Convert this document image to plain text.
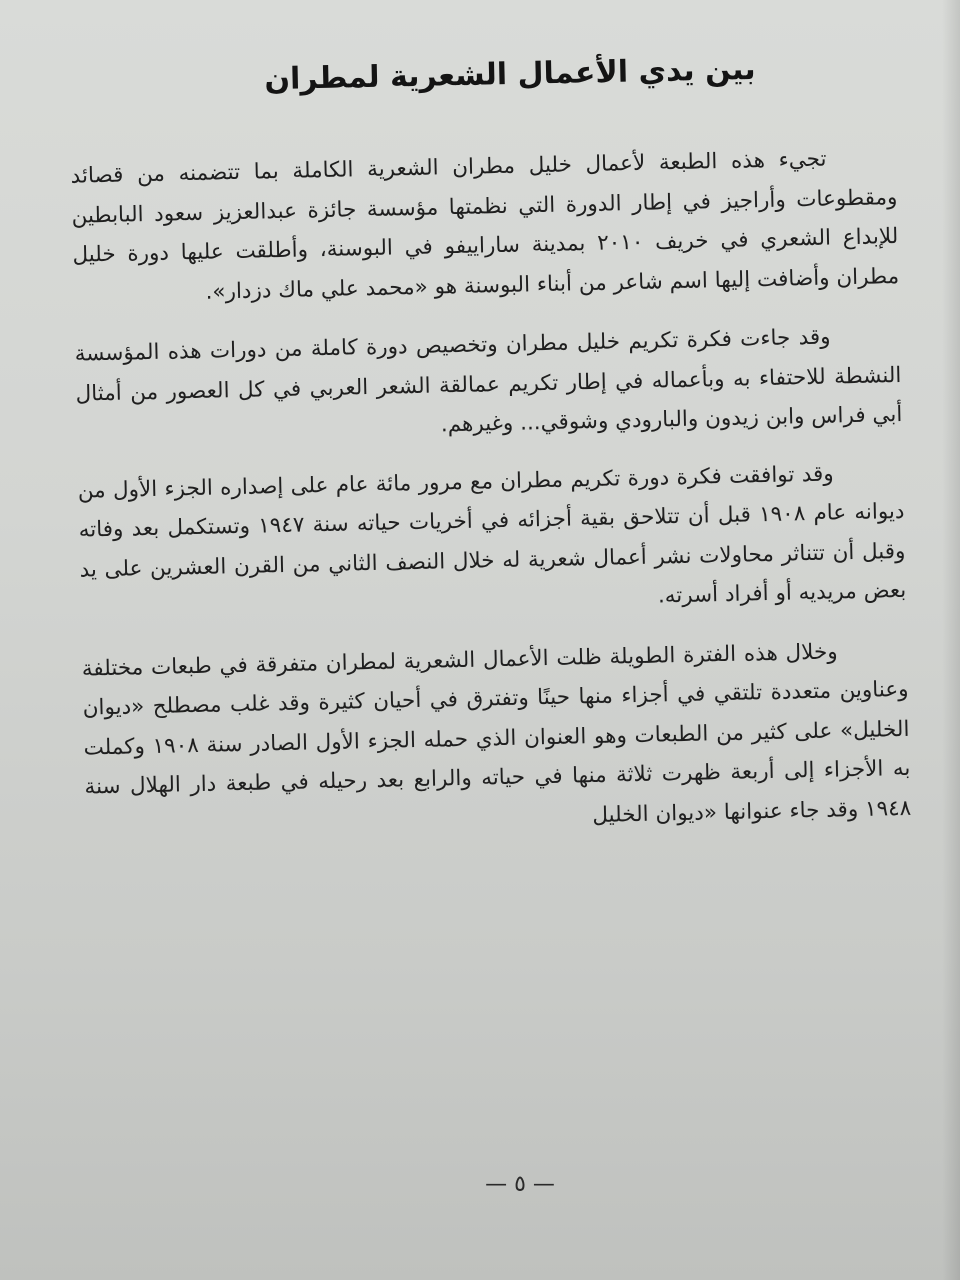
بين يدي الأعمال الشعرية لمطران

تجيء هذه الطبعة لأعمال خليل مطران الشعرية الكاملة بما تتضمنه من قصائد ومقطوعات وأراجيز في إطار الدورة التي نظمتها مؤسسة جائزة عبدالعزيز سعود البابطين للإبداع الشعري في خريف ٢٠١٠ بمدينة ساراييفو في البوسنة، وأطلقت عليها دورة خليل مطران وأضافت إليها اسم شاعر من أبناء البوسنة هو «محمد علي ماك دزدار».

وقد جاءت فكرة تكريم خليل مطران وتخصيص دورة كاملة من دورات هذه المؤسسة النشطة للاحتفاء به وبأعماله في إطار تكريم عمالقة الشعر العربي في كل العصور من أمثال أبي فراس وابن زيدون والبارودي وشوقي... وغيرهم.

وقد توافقت فكرة دورة تكريم مطران مع مرور مائة عام على إصداره الجزء الأول من ديوانه عام ١٩٠٨ قبل أن تتلاحق بقية أجزائه في أخريات حياته سنة ١٩٤٧ وتستكمل بعد وفاته وقبل أن تتناثر محاولات نشر أعمال شعرية له خلال النصف الثاني من القرن العشرين على يد بعض مريديه أو أفراد أسرته.

وخلال هذه الفترة الطويلة ظلت الأعمال الشعرية لمطران متفرقة في طبعات مختلفة وعناوين متعددة تلتقي في أجزاء منها حينًا وتفترق في أحيان كثيرة وقد غلب مصطلح «ديوان الخليل» على كثير من الطبعات وهو العنوان الذي حمله الجزء الأول الصادر سنة ١٩٠٨ وكملت به الأجزاء إلى أربعة ظهرت ثلاثة منها في حياته والرابع بعد رحيله في طبعة دار الهلال سنة ١٩٤٨ وقد جاء عنوانها «ديوان الخليل

— ٥ —
